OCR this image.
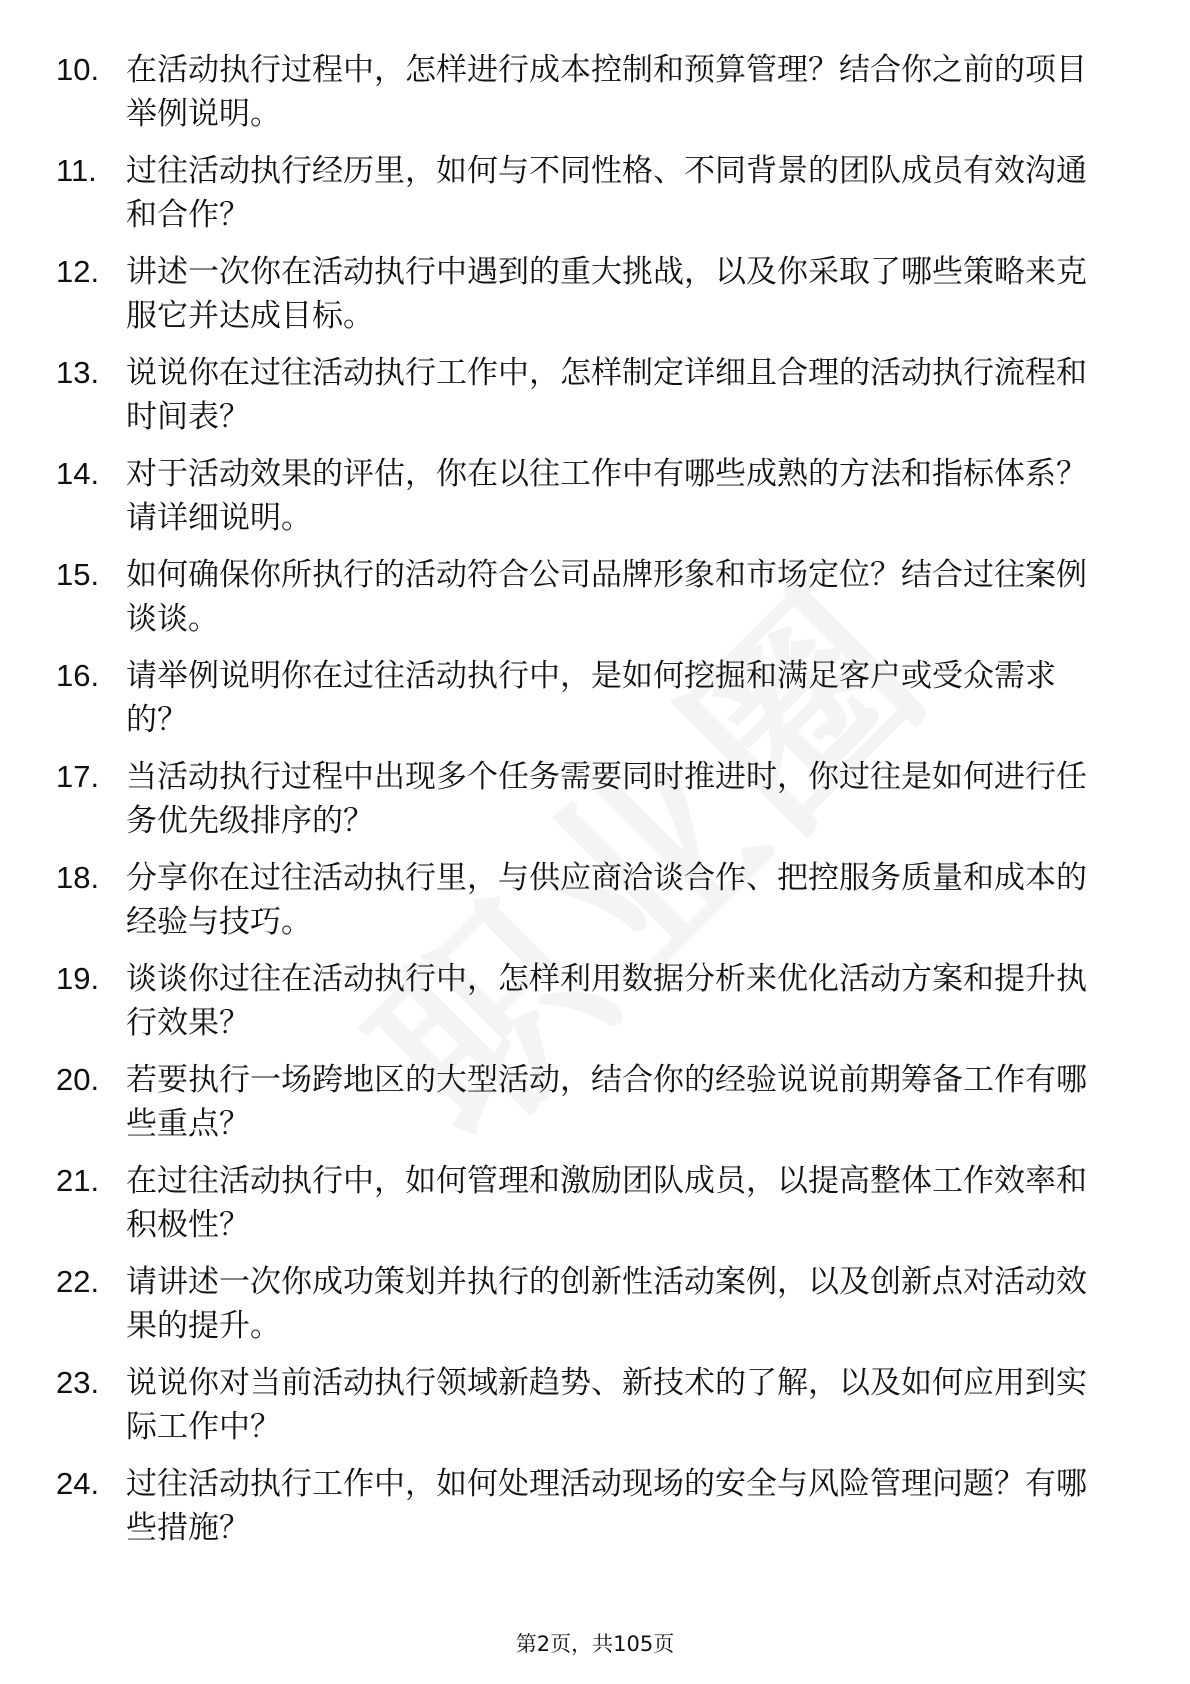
10. 在活动执行过程中，怎样进行成本控制和预算管理？结合你之前的项目举例说明。
11. 过往活动执行经历里，如何与不同性格、不同背景的团队成员有效沟通和合作？
12. 讲述一次你在活动执行中遇到的重大挑战，以及你采取了哪些策略来克服它并达成目标。
13. 说说你在过往活动执行工作中，怎样制定详细且合理的活动执行流程和时间表？
14. 对于活动效果的评估，你在以往工作中有哪些成熟的方法和指标体系？请详细说明。
15. 如何确保你所执行的活动符合公司品牌形象和市场定位？结合过往案例谈谈。
16. 请举例说明你在过往活动执行中，是如何挖掘和满足客户或受众需求的？
17. 当活动执行过程中出现多个任务需要同时推进时，你过往是如何进行任务优先级排序的？
18. 分享你在过往活动执行里，与供应商洽谈合作、把控服务质量和成本的经验与技巧。
19. 谈谈你过往在活动执行中，怎样利用数据分析来优化活动方案和提升执行效果？
20. 若要执行一场跨地区的大型活动，结合你的经验说说前期筹备工作有哪些重点？
21. 在过往活动执行中，如何管理和激励团队成员，以提高整体工作效率和积极性？
22. 请讲述一次你成功策划并执行的创新性活动案例，以及创新点对活动效果的提升。
23. 说说你对当前活动执行领域新趋势、新技术的了解，以及如何应用到实际工作中？
24. 过往活动执行工作中，如何处理活动现场的安全与风险管理问题？有哪些措施？
第2页，共105页
